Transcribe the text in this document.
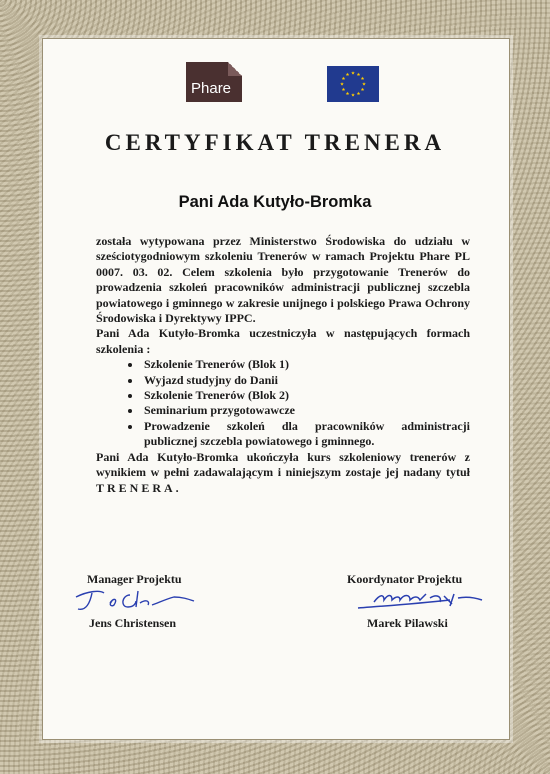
Phare
CERTYFIKAT TRENERA
Pani Ada Kutyło-Bromka

została wytypowana przez Ministerstwo Środowiska do udziału w sześciotygodniowym szkoleniu Trenerów w ramach Projektu Phare PL 0007. 03. 02. Celem szkolenia było przygotowanie Trenerów do prowadzenia szkoleń pracowników administracji publicznej szczebla powiatowego i gminnego w zakresie unijnego i polskiego Prawa Ochrony Środowiska i Dyrektywy IPPC.

Pani Ada Kutyło-Bromka uczestniczyła w następujących formach szkolenia :

• Szkolenie Trenerów (Blok 1)
• Wyjazd studyjny do Danii
• Szkolenie Trenerów (Blok 2)
• Seminarium przygotowawcze
• Prowadzenie szkoleń dla pracowników administracji publicznej szczebla powiatowego i gminnego.

Pani Ada Kutyło-Bromka ukończyła kurs szkoleniowy trenerów z wynikiem w pełni zadawalającym i niniejszym zostaje jej nadany tytuł TRENERA.

Manager Projektu
Jens Christensen
Koordynator Projektu
Marek Pilawski
